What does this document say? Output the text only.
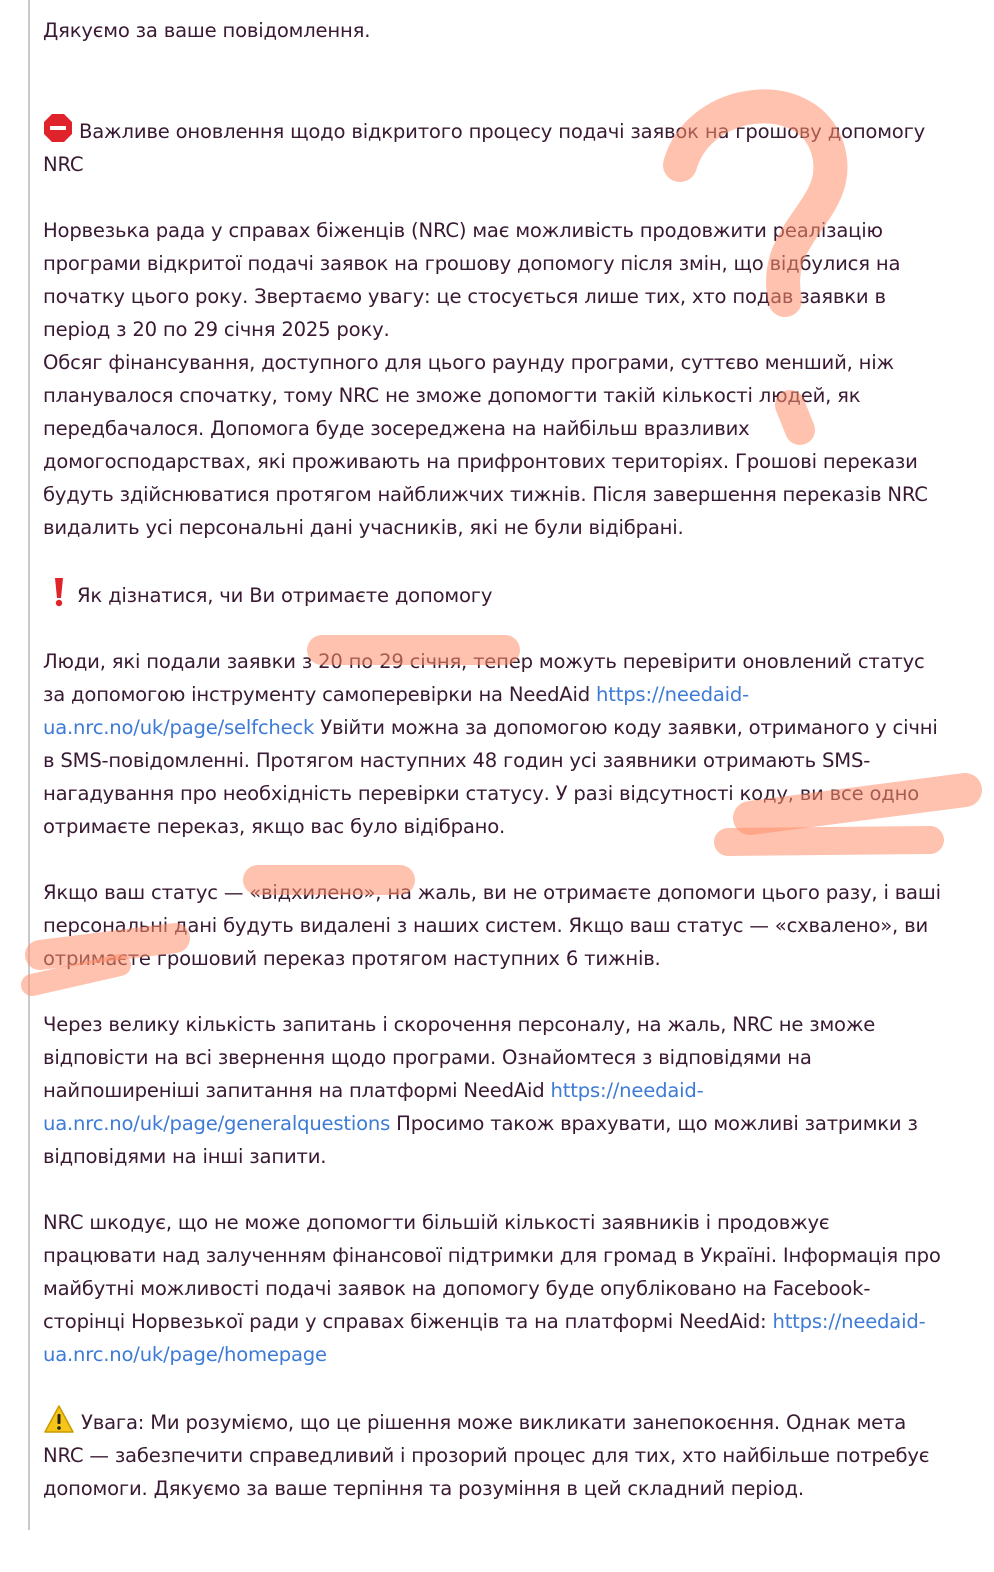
Дякуємо за ваше повідомлення.

Важливе оновлення щодо відкритого процесу подачі заявок на грошову допомогу NRC

Норвезька рада у справах біженців (NRC) має можливість продовжити реалізацію програми відкритої подачі заявок на грошову допомогу після змін, що відбулися на початку цього року. Звертаємо увагу: це стосується лише тих, хто подав заявки в період з 20 по 29 січня 2025 року.

Обсяг фінансування, доступного для цього раунду програми, суттєво менший, ніж планувалося спочатку, тому NRC не зможе допомогти такій кількості людей, як передбачалося. Допомога буде зосереджена на найбільш вразливих домогосподарствах, які проживають на прифронтових територіях. Грошові перекази будуть здійснюватися протягом найближчих тижнів. Після завершення переказів NRC видалить усі персональні дані учасників, які не були відібрані.

Як дізнатися, чи Ви отримаєте допомогу

Люди, які подали заявки з 20 по 29 січня, тепер можуть перевірити оновлений статус за допомогою інструменту самоперевірки на NeedAid https://needaid-ua.nrc.no/uk/page/selfcheck Увійти можна за допомогою коду заявки, отриманого у січні в SMS-повідомленні. Протягом наступних 48 годин усі заявники отримають SMS-нагадування про необхідність перевірки статусу. У разі відсутності коду, ви все одно отримаєте переказ, якщо вас було відібрано.

Якщо ваш статус — «відхилено», на жаль, ви не отримаєте допомоги цього разу, і ваші персональні дані будуть видалені з наших систем. Якщо ваш статус — «схвалено», ви отримаєте грошовий переказ протягом наступних 6 тижнів.

Через велику кількість запитань і скорочення персоналу, на жаль, NRC не зможе відповісти на всі звернення щодо програми. Ознайомтеся з відповідями на найпоширеніші запитання на платформі NeedAid https://needaid-ua.nrc.no/uk/page/generalquestions Просимо також врахувати, що можливі затримки з відповідями на інші запити.

NRC шкодує, що не може допомогти більшій кількості заявників і продовжує працювати над залученням фінансової підтримки для громад в Україні. Інформація про майбутні можливості подачі заявок на допомогу буде опубліковано на Facebook-сторінці Норвезької ради у справах біженців та на платформі NeedAid: https://needaid-ua.nrc.no/uk/page/homepage

Увага: Ми розуміємо, що це рішення може викликати занепокоєння. Однак мета NRC — забезпечити справедливий і прозорий процес для тих, хто найбільше потребує допомоги. Дякуємо за ваше терпіння та розуміння в цей складний період.
